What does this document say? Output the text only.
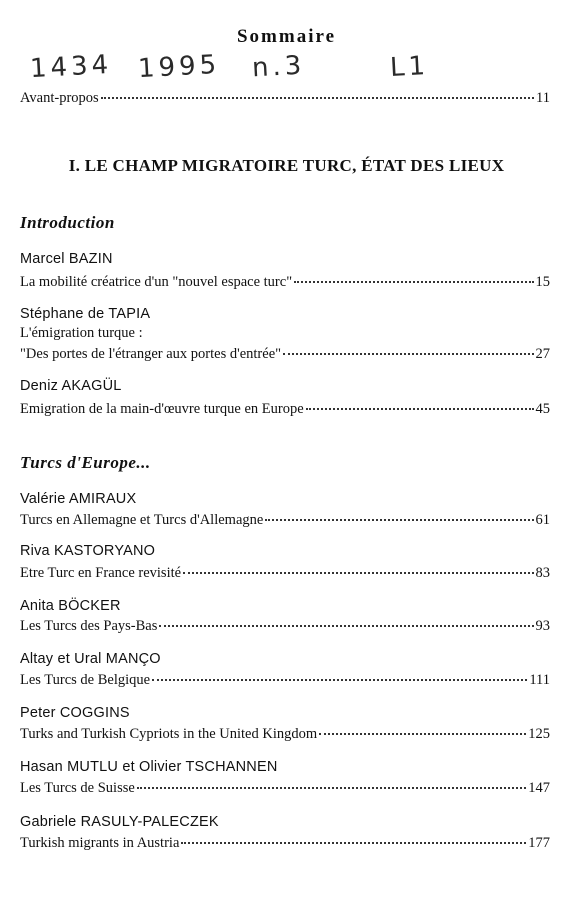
Sommaire
1434 1995 n.3	L1
Avant-propos	11
I. LE CHAMP MIGRATOIRE TURC, ÉTAT DES LIEUX
Introduction
Marcel BAZIN
La mobilité créatrice d'un "nouvel espace turc"	15
Stéphane de TAPIA
L'émigration turque :
"Des portes de l'étranger aux portes d'entrée"	27
Deniz AKAGÜL
Emigration de la main-d'œuvre turque en Europe	45
Turcs d'Europe...
Valérie AMIRAUX
Turcs en Allemagne et Turcs d'Allemagne	61
Riva KASTORYANO
Etre Turc en France revisité	83
Anita BÖCKER
Les Turcs des Pays-Bas	93
Altay et Ural MANÇO
Les Turcs de Belgique	111
Peter COGGINS
Turks and Turkish Cypriots in the United Kingdom	125
Hasan MUTLU et Olivier TSCHANNEN
Les Turcs de Suisse	147
Gabriele RASULY-PALECZEK
Turkish migrants in Austria	177
